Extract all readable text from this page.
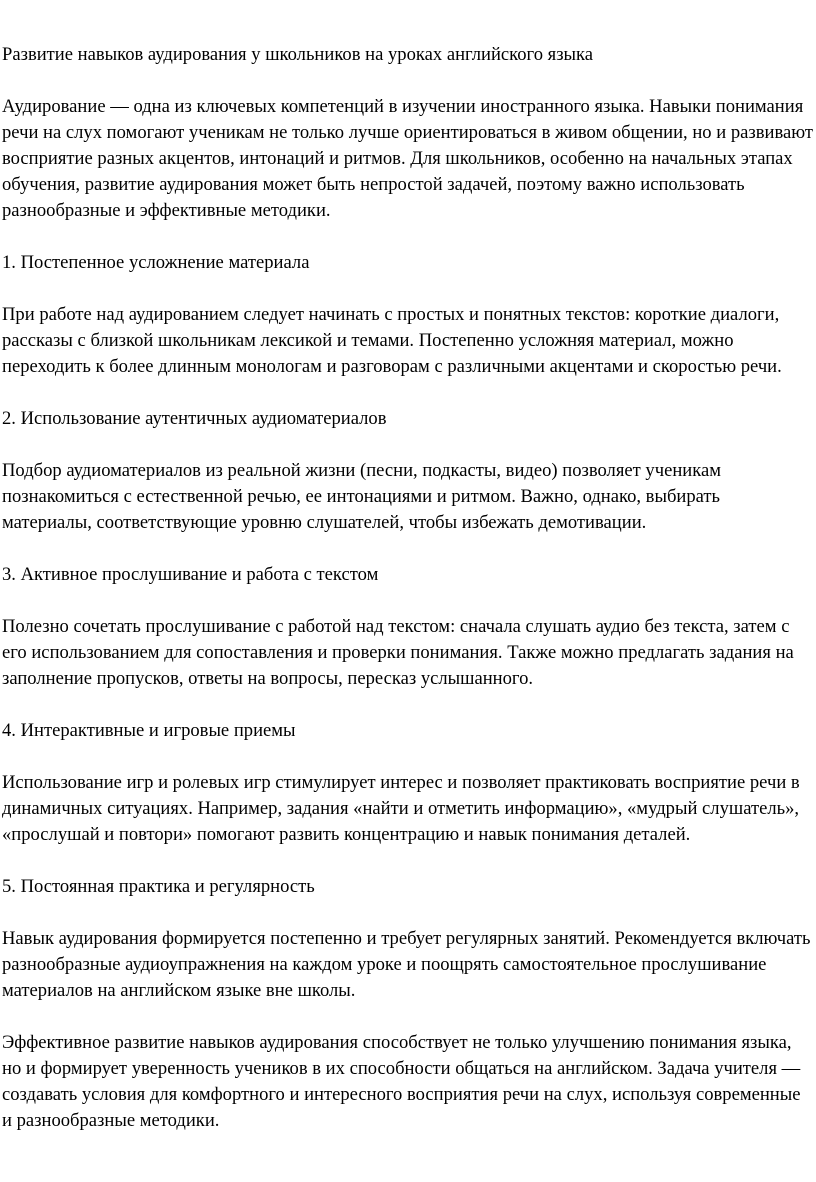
Развитие навыков аудирования у школьников на уроках английского языка

Аудирование — одна из ключевых компетенций в изучении иностранного языка. Навыки понимания речи на слух помогают ученикам не только лучше ориентироваться в живом общении, но и развивают восприятие разных акцентов, интонаций и ритмов. Для школьников, особенно на начальных этапах обучения, развитие аудирования может быть непростой задачей, поэтому важно использовать разнообразные и эффективные методики.

1. Постепенное усложнение материала

При работе над аудированием следует начинать с простых и понятных текстов: короткие диалоги, рассказы с близкой школьникам лексикой и темами. Постепенно усложняя материал, можно переходить к более длинным монологам и разговорам с различными акцентами и скоростью речи.

2. Использование аутентичных аудиоматериалов

Подбор аудиоматериалов из реальной жизни (песни, подкасты, видео) позволяет ученикам познакомиться с естественной речью, ее интонациями и ритмом. Важно, однако, выбирать материалы, соответствующие уровню слушателей, чтобы избежать демотивации.

3. Активное прослушивание и работа с текстом

Полезно сочетать прослушивание с работой над текстом: сначала слушать аудио без текста, затем с его использованием для сопоставления и проверки понимания. Также можно предлагать задания на заполнение пропусков, ответы на вопросы, пересказ услышанного.

4. Интерактивные и игровые приемы

Использование игр и ролевых игр стимулирует интерес и позволяет практиковать восприятие речи в динамичных ситуациях. Например, задания «найти и отметить информацию», «мудрый слушатель», «прослушай и повтори» помогают развить концентрацию и навык понимания деталей.

5. Постоянная практика и регулярность

Навык аудирования формируется постепенно и требует регулярных занятий. Рекомендуется включать разнообразные аудиоупражнения на каждом уроке и поощрять самостоятельное прослушивание материалов на английском языке вне школы.

Эффективное развитие навыков аудирования способствует не только улучшению понимания языка, но и формирует уверенность учеников в их способности общаться на английском. Задача учителя — создавать условия для комфортного и интересного восприятия речи на слух, используя современные и разнообразные методики.
